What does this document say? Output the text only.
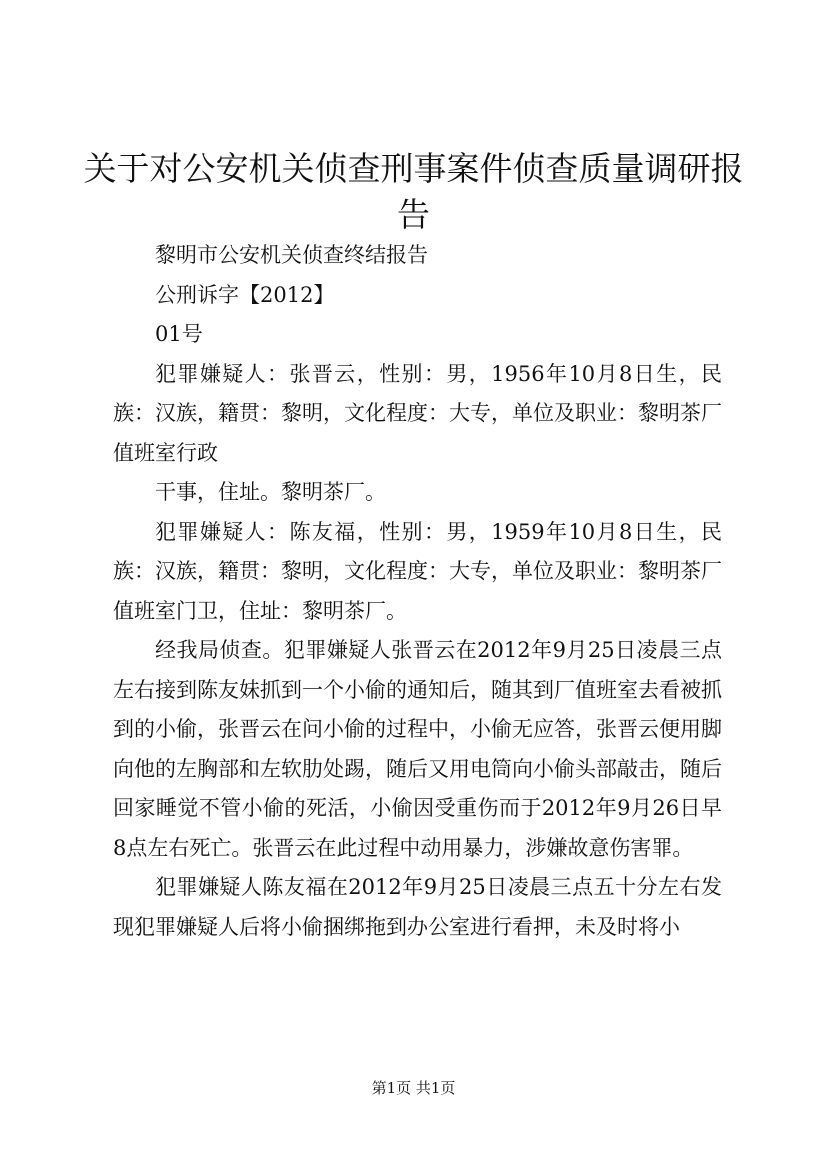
关于对公安机关侦查刑事案件侦查质量调研报告

黎明市公安机关侦查终结报告

公刑诉字【2012】

01号

犯罪嫌疑人：张晋云，性别：男，1956年10月8日生，民族：汉族，籍贯：黎明，文化程度：大专，单位及职业：黎明茶厂值班室行政

干事，住址。黎明茶厂。

犯罪嫌疑人：陈友福，性别：男，1959年10月8日生，民族：汉族，籍贯：黎明，文化程度：大专，单位及职业：黎明茶厂值班室门卫，住址：黎明茶厂。

经我局侦查。犯罪嫌疑人张晋云在2012年9月25日凌晨三点左右接到陈友妹抓到一个小偷的通知后，随其到厂值班室去看被抓到的小偷，张晋云在问小偷的过程中，小偷无应答，张晋云便用脚向他的左胸部和左软肋处踢，随后又用电筒向小偷头部敲击，随后回家睡觉不管小偷的死活，小偷因受重伤而于2012年9月26日早8点左右死亡。张晋云在此过程中动用暴力，涉嫌故意伤害罪。

犯罪嫌疑人陈友福在2012年9月25日凌晨三点五十分左右发现犯罪嫌疑人后将小偷捆绑拖到办公室进行看押，未及时将小

第1页 共1页
